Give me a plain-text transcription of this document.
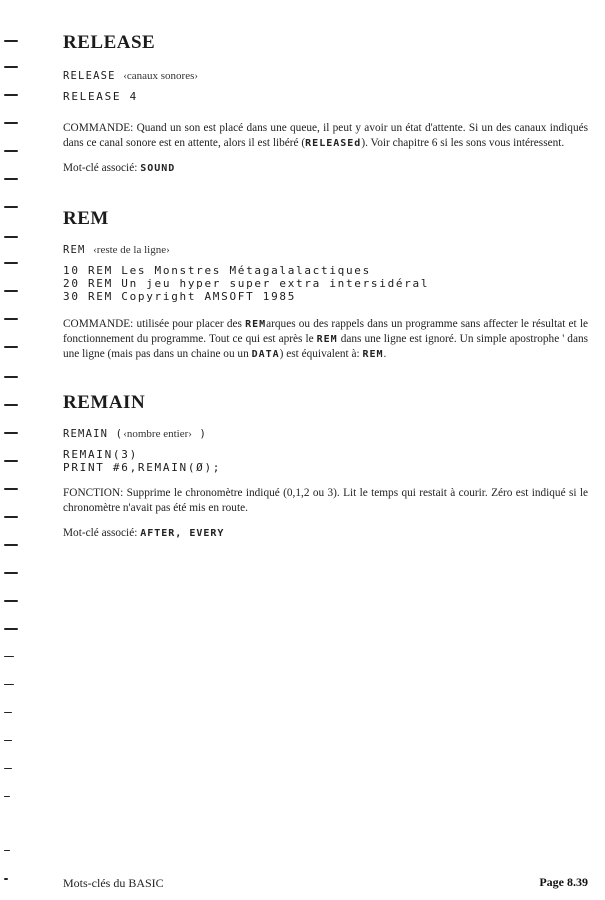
RELEASE

RELEASE ‹canaux sonores›

RELEASE 4

COMMANDE: Quand un son est placé dans une queue, il peut y avoir un état d'attente. Si un des canaux indiqués dans ce canal sonore est en attente, alors il est libéré (RELEASEd). Voir chapitre 6 si les sons vous intéressent.

Mot-clé associé: SOUND

REM

REM ‹reste de la ligne›

10 REM Les Monstres Métagalalactiques

20 REM Un jeu hyper super extra intersidéral

30 REM Copyright AMSOFT 1985

COMMANDE: utilisée pour placer des REMarques ou des rappels dans un programme sans affecter le résultat et le fonctionnement du programme. Tout ce qui est après le REM dans une ligne est ignoré. Un simple apostrophe ' dans une ligne (mais pas dans un chaine ou un DATA) est équivalent à: REM.

REMAIN

REMAIN (‹nombre entier› )

REMAIN(3)

PRINT #6,REMAIN(Ø);

FONCTION: Supprime le chronomètre indiqué (0,1,2 ou 3). Lit le temps qui restait à courir. Zéro est indiqué si le chronomètre n'avait pas été mis en route.

Mot-clé associé: AFTER, EVERY

Mots-clés du BASIC	Page 8.39
